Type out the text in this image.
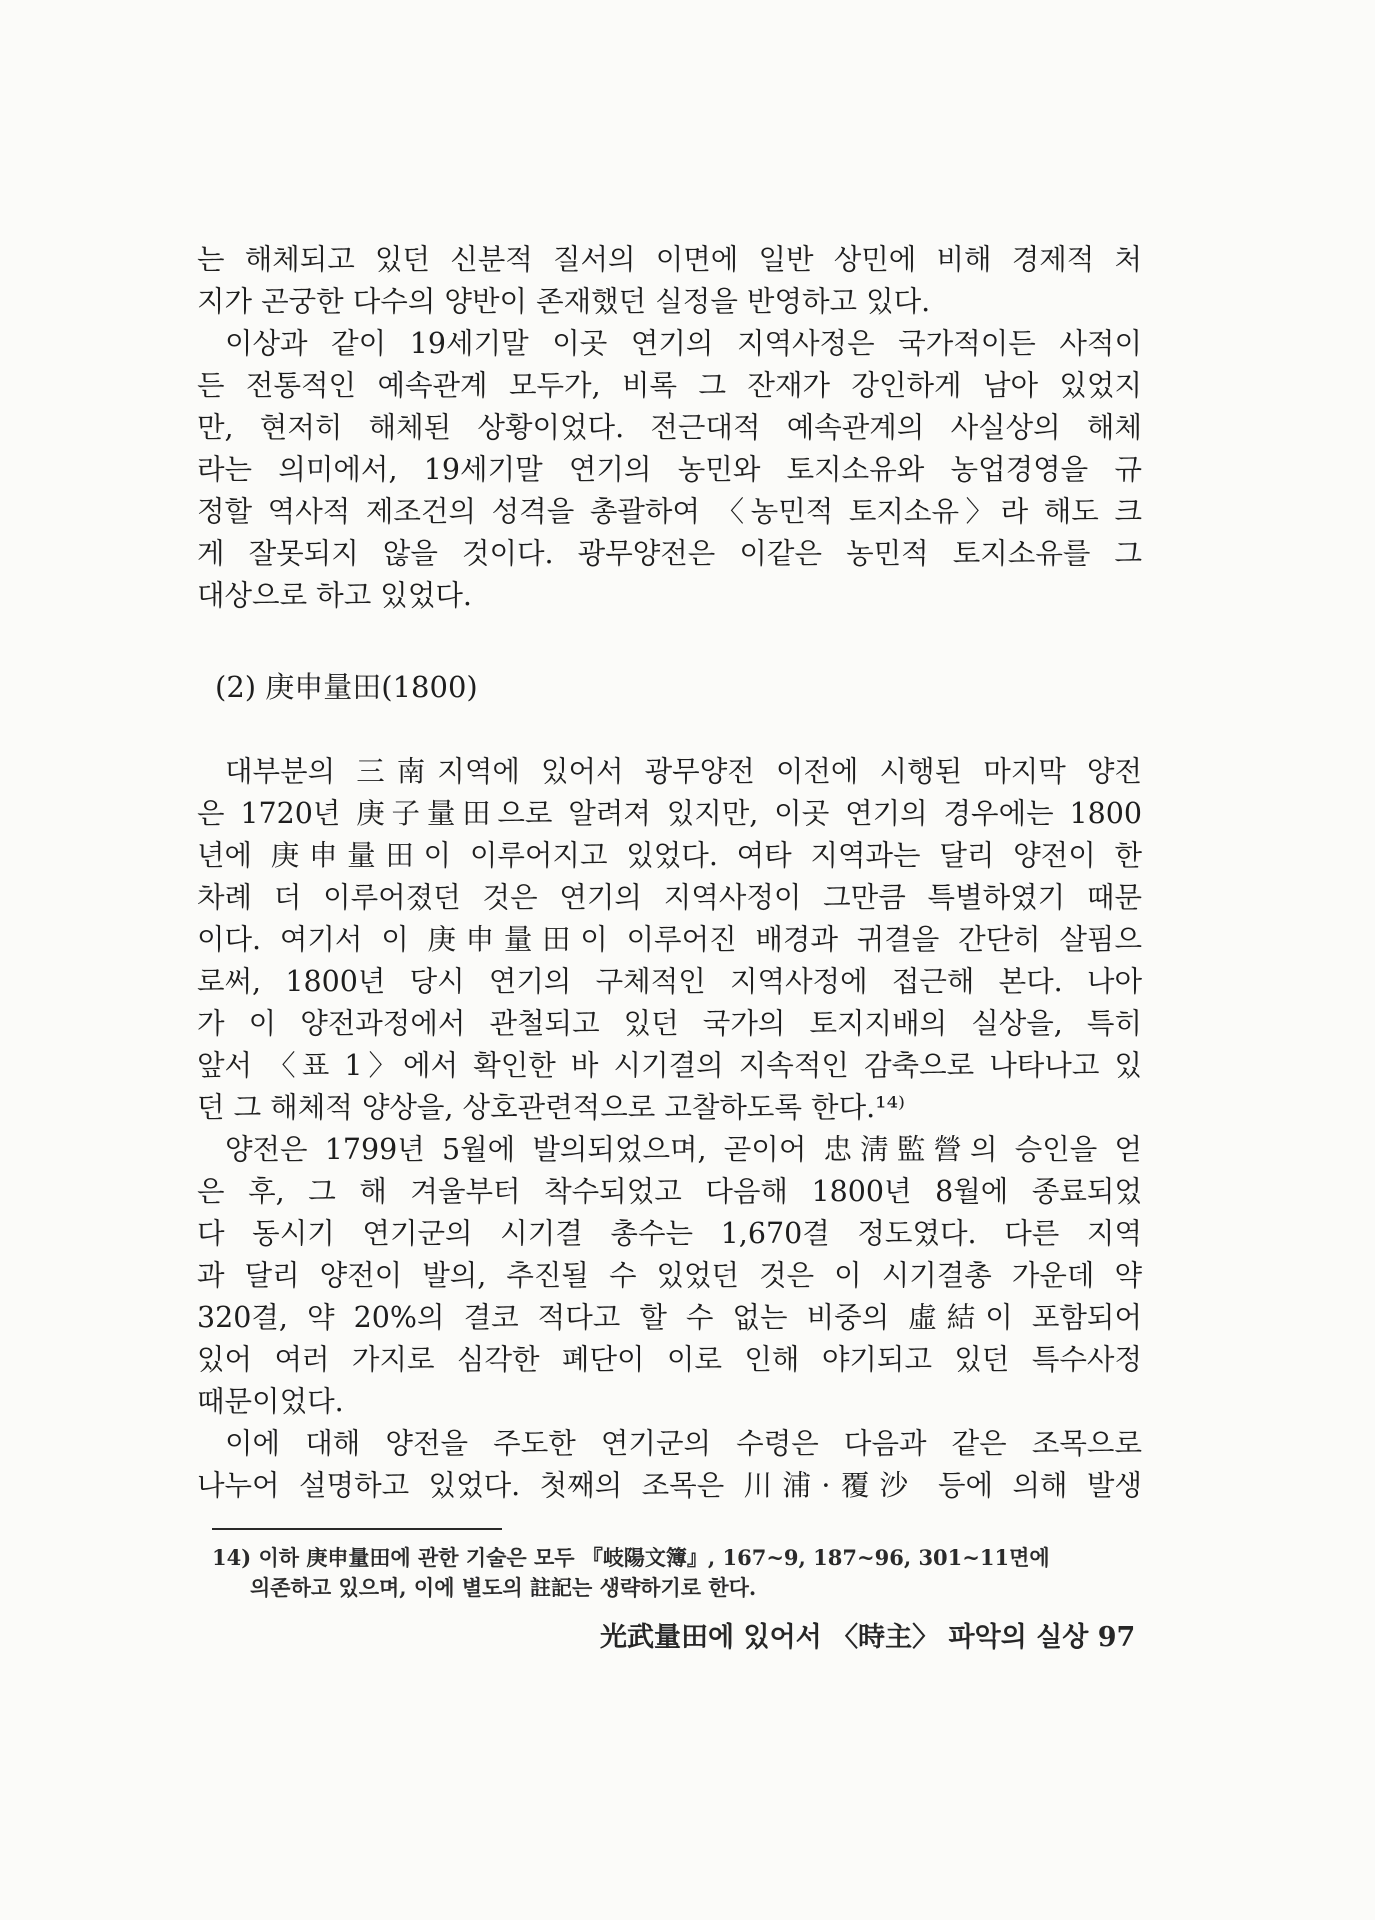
는 해체되고 있던 신분적 질서의 이면에 일반 상민에 비해 경제적 처
지가 곤궁한 다수의 양반이 존재했던 실정을 반영하고 있다.
이상과 같이 19세기말 이곳 연기의 지역사정은 국가적이든 사적이
든 전통적인 예속관계 모두가, 비록 그 잔재가 강인하게 남아 있었지
만, 현저히 해체된 상황이었다. 전근대적 예속관계의 사실상의 해체
라는 의미에서, 19세기말 연기의 농민와 토지소유와 농업경영을 규
정할 역사적 제조건의 성격을 총괄하여 〈농민적 토지소유〉라 해도 크
게 잘못되지 않을 것이다. 광무양전은 이같은 농민적 토지소유를 그
대상으로 하고 있었다.
(2) 庚申量田(1800)
대부분의 三南지역에 있어서 광무양전 이전에 시행된 마지막 양전
은 1720년 庚子量田으로 알려져 있지만, 이곳 연기의 경우에는 1800
년에 庚申量田이 이루어지고 있었다. 여타 지역과는 달리 양전이 한
차례 더 이루어졌던 것은 연기의 지역사정이 그만큼 특별하였기 때문
이다. 여기서 이 庚申量田이 이루어진 배경과 귀결을 간단히 살핌으
로써, 1800년 당시 연기의 구체적인 지역사정에 접근해 본다. 나아
가 이 양전과정에서 관철되고 있던 국가의 토지지배의 실상을, 특히
앞서 〈표 1〉에서 확인한 바 시기결의 지속적인 감축으로 나타나고 있
던 그 해체적 양상을, 상호관련적으로 고찰하도록 한다.¹⁴⁾
양전은 1799년 5월에 발의되었으며, 곧이어 忠淸監營의 승인을 얻
은 후, 그 해 겨울부터 착수되었고 다음해 1800년 8월에 종료되었
다 동시기 연기군의 시기결 총수는 1,670결 정도였다. 다른 지역
과 달리 양전이 발의, 추진될 수 있었던 것은 이 시기결총 가운데 약
320결, 약 20%의 결코 적다고 할 수 없는 비중의 虛結이 포함되어
있어 여러 가지로 심각한 폐단이 이로 인해 야기되고 있던 특수사정
때문이었다.
이에 대해 양전을 주도한 연기군의 수령은 다음과 같은 조목으로
나누어 설명하고 있었다. 첫째의 조목은 川浦·覆沙 등에 의해 발생
14) 이하 庚申量田에 관한 기술은 모두 『岐陽文簿』, 167~9, 187~96, 301~11면에
의존하고 있으며, 이에 별도의 註記는 생략하기로 한다.
光武量田에 있어서 〈時主〉 파악의 실상 97
